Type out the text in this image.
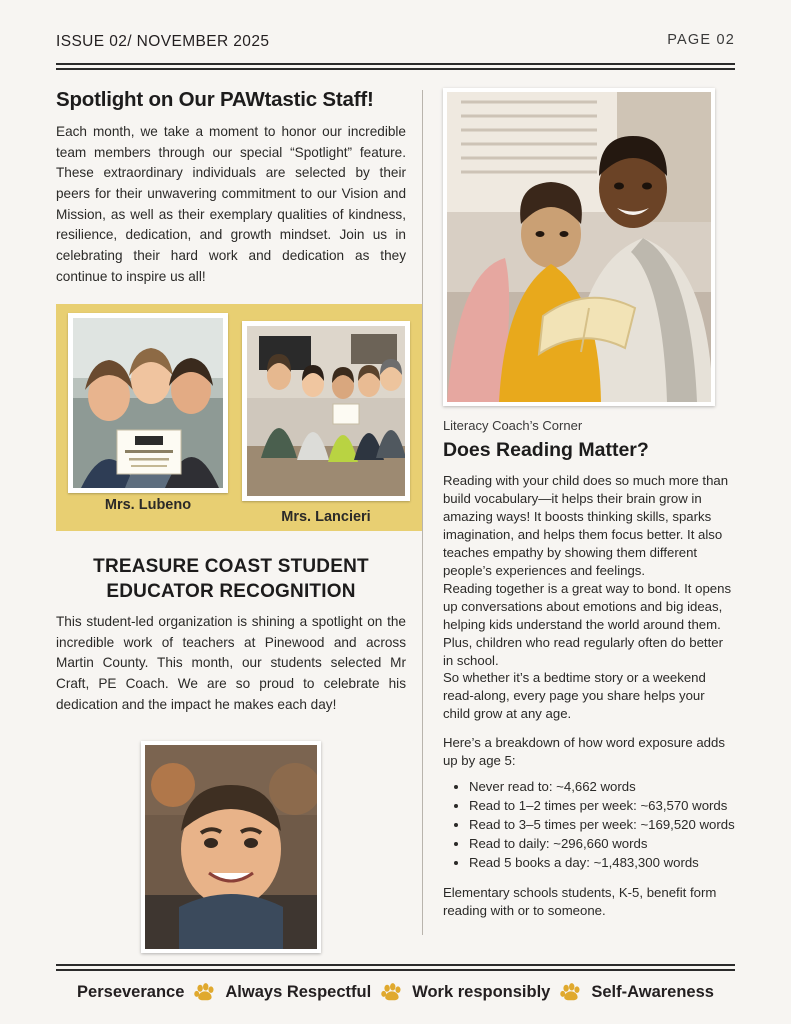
ISSUE 02/ NOVEMBER 2025	PAGE 02
Spotlight on Our PAWtastic Staff!

Each month, we take a moment to honor our incredible team members through our special “Spotlight” feature. These extraordinary individuals are selected by their peers for their unwavering commitment to our Vision and Mission, as well as their exemplary qualities of kindness, resilience, dedication, and growth mindset. Join us in celebrating their hard work and dedication as they continue to inspire us all!

Mrs. Lubeno
Mrs. Lancieri
TREASURE COAST STUDENT EDUCATOR RECOGNITION

This student-led organization is shining a spotlight on the incredible work of teachers at Pinewood and across Martin County. This month, our students selected Mr Craft, PE Coach. We are so proud to celebrate his dedication and the impact he makes each day!

Literacy Coach’s Corner
Does Reading Matter?

Reading with your child does so much more than build vocabulary—it helps their brain grow in amazing ways! It boosts thinking skills, sparks imagination, and helps them focus better. It also teaches empathy by showing them different people’s experiences and feelings.

Reading together is a great way to bond. It opens up conversations about emotions and big ideas, helping kids understand the world around them. Plus, children who read regularly often do better in school.

So whether it’s a bedtime story or a weekend read-along, every page you share helps your child grow at any age.

Here’s a breakdown of how word exposure adds up by age 5:

• Never read to: ~4,662 words
• Read to 1–2 times per week: ~63,570 words
• Read to 3–5 times per week: ~169,520 words
• Read to daily: ~296,660 words
• Read 5 books a day: ~1,483,300 words

Elementary schools students, K-5, benefit form reading with or to someone.

Perseverance Always Respectful Work responsibly Self-Awareness
